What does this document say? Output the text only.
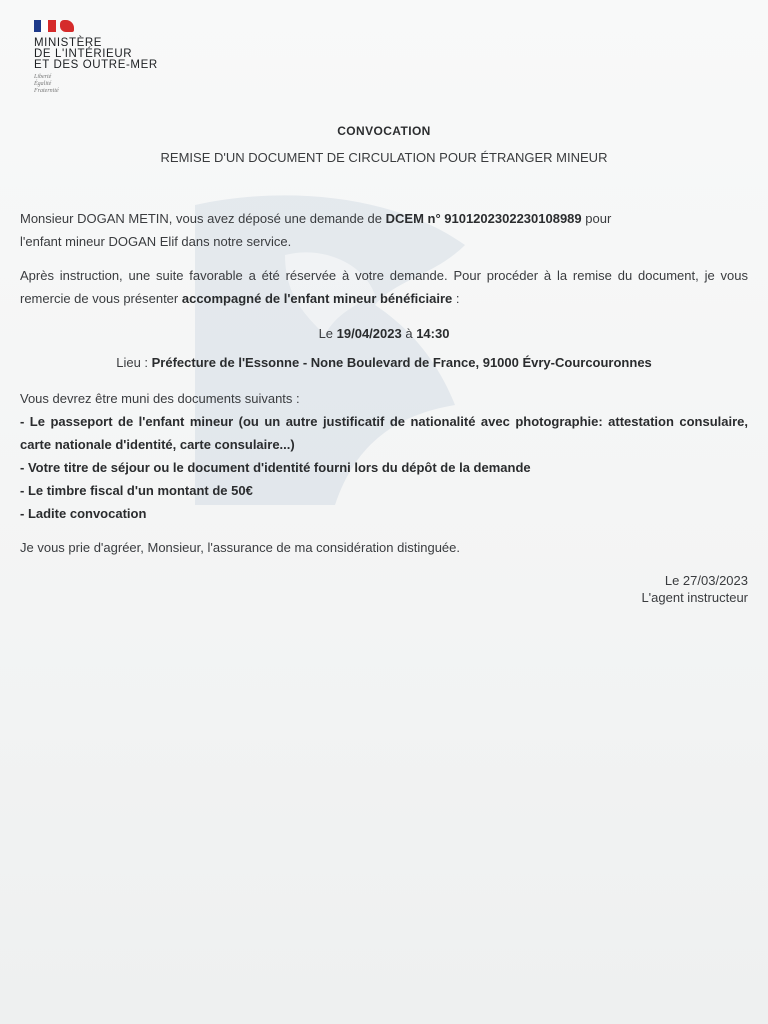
MINISTÈRE
DE L'INTÉRIEUR
ET DES OUTRE-MER
Liberté
Égalité
Fraternité
CONVOCATION
REMISE D'UN DOCUMENT DE CIRCULATION POUR ÉTRANGER MINEUR
Monsieur DOGAN METIN, vous avez déposé une demande de DCEM n° 9101202302230108989 pour
l'enfant mineur DOGAN Elif dans notre service.
Après instruction, une suite favorable a été réservée à votre demande. Pour procéder à la remise du document, je vous remercie de vous présenter accompagné de l'enfant mineur bénéficiaire :
Le 19/04/2023 à 14:30
Lieu : Préfecture de l'Essonne - None Boulevard de France, 91000 Évry-Courcouronnes
Vous devrez être muni des documents suivants :
- Le passeport de l'enfant mineur (ou un autre justificatif de nationalité avec photographie: attestation consulaire, carte nationale d'identité, carte consulaire...)
- Votre titre de séjour ou le document d'identité fourni lors du dépôt de la demande
- Le timbre fiscal d'un montant de 50€
- Ladite convocation
Je vous prie d'agréer, Monsieur, l'assurance de ma considération distinguée.
Le 27/03/2023
L'agent instructeur
